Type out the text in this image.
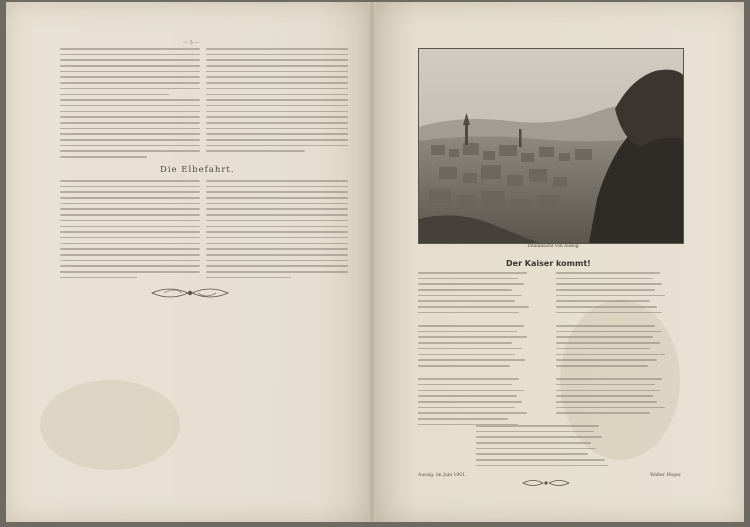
— 5 —
Die Elbefahrt.
Totalansicht von Aussig.
Der Kaiser kommt!
Aussig, im Juni 1901.	Walter Hegar.
